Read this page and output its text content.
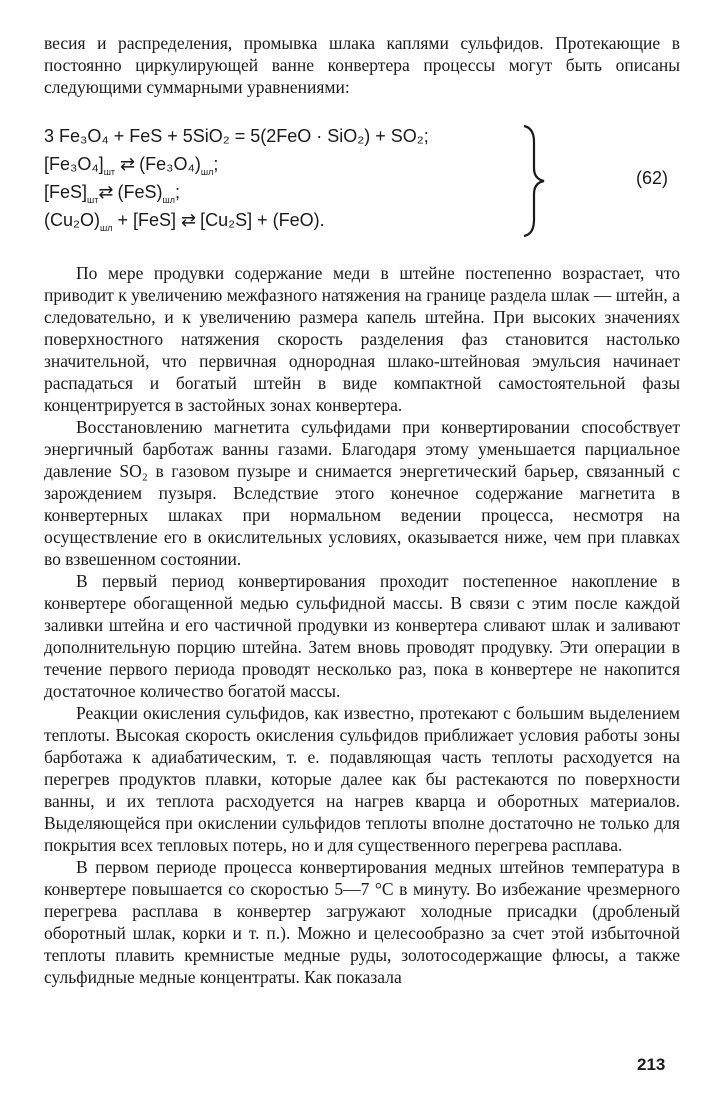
весия и распределения, промывка шлака каплями сульфидов. Протекающие в постоянно циркулирующей ванне конвертера процессы могут быть описаны следующими суммарными уравнениями:

3 Fe₃O₄ + FeS + 5SiO₂ = 5(2FeO · SiO₂) + SO₂;
$[Fe_3O_4]_{шт}$ ⇄ $(Fe_3O_4)_{шл}$;
$[FeS]_{шт}⇄$ $(FeS)_{шл}$;
$(Cu_2O)_{шл} + [FeS]$ ⇄ [Cu₂S] + (FeO).
(62)

По мере продувки содержание меди в штейне постепенно возрастает, что приводит к увеличению межфазного натяжения на границе раздела шлак — штейн, а следовательно, и к увеличению размера капель штейна. При высоких значениях поверхностного натяжения скорость разделения фаз становится настолько значительной, что первичная однородная шлако-штейновая эмульсия начинает распадаться и богатый штейн в виде компактной самостоятельной фазы концентрируется в застойных зонах конвертера.

Восстановлению магнетита сульфидами при конвертировании способствует энергичный барботаж ванны газами. Благодаря этому уменьшается парциальное давление SO₂ в газовом пузыре и снимается энергетический барьер, связанный с зарождением пузыря. Вследствие этого конечное содержание магнетита в конвертерных шлаках при нормальном ведении процесса, несмотря на осуществление его в окислительных условиях, оказывается ниже, чем при плавках во взвешенном состоянии.

В первый период конвертирования проходит постепенное накопление в конвертере обогащенной медью сульфидной массы. В связи с этим после каждой заливки штейна и его частичной продувки из конвертера сливают шлак и заливают дополнительную порцию штейна. Затем вновь проводят продувку. Эти операции в течение первого периода проводят несколько раз, пока в конвертере не накопится достаточное количество богатой массы.

Реакции окисления сульфидов, как известно, протекают с большим выделением теплоты. Высокая скорость окисления сульфидов приближает условия работы зоны барботажа к адиабатическим, т. е. подавляющая часть теплоты расходуется на перегрев продуктов плавки, которые далее как бы растекаются по поверхности ванны, и их теплота расходуется на нагрев кварца и оборотных материалов. Выделяющейся при окислении сульфидов теплоты вполне достаточно не только для покрытия всех тепловых потерь, но и для существенного перегрева расплава.

В первом периоде процесса конвертирования медных штейнов температура в конвертере повышается со скоростью 5—7 °С в минуту. Во избежание чрезмерного перегрева расплава в конвертер загружают холодные присадки (дробленый оборотный шлак, корки и т. п.). Можно и целесообразно за счет этой избыточной теплоты плавить кремнистые медные руды, золотосодержащие флюсы, а также сульфидные медные концентраты. Как показала

213
